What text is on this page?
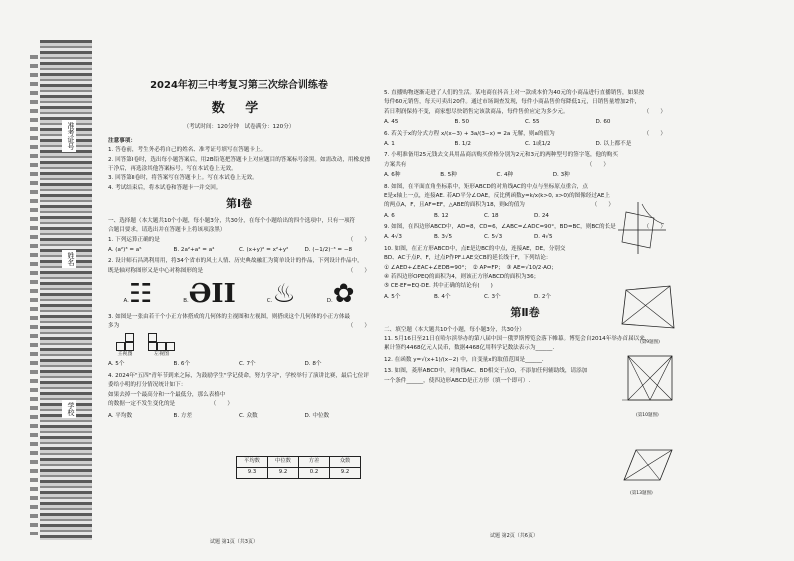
准考证号
姓名
学校
2024年初三中考复习第三次综合训练卷
数 学
（考试时间：120分钟　试卷满分：120分）
注意事项：
1. 答卷前，考生务必将自己的姓名、准考证号填写在答题卡上。
2. 回答第Ⅰ卷时，选出每小题答案后，用2B铅笔把答题卡上对应题目的答案标号涂黑。如需改动，用橡皮擦
干净后，再选涂其他答案标号。写在本试卷上无效。
3. 回答第Ⅱ卷时，将答案写在答题卡上。写在本试卷上无效。
4. 考试结束后，将本试卷和答题卡一并交回。
第Ⅰ卷
一、选择题（本大题共10个小题，每小题3分，共30分，在每个小题给出的四个选项中，只有一项符
合题目要求，请选出并在答题卡上将该项涂黑）
1. 下列运算正确的是	（　　）
A. (a²)³ = a⁵	B. 2a²+a² = a⁴	C. (x+y)² = x²+y²	D. (−1/2)⁻³ = −8
2. 设计师石昌鸿利用用，将34个省市的风土人情、历史典故融汇为简单设计的作品，下列设计作品中，
既是轴对称图形又是中心对称图形的是	（　　）
A.☷	B.ƏII	C.♨	D.✿
3. 如图是一张由若干个小正方体搭成的几何体的主视图和左视图，则搭成这个几何体的小正方体最
多为	（　　）
主视图	左视图
A. 5个	B. 6个	C. 7个	D. 8个
4. 2024年"五四"青年节到来之际，为鼓励学生"学记使命，努力学习"，学校举行了演讲比赛，最后七位评
委给小明的打分情况统计如下：
平均数	中位数	方差	众数
9.3	9.2	0.2	9.2
如果去掉一个最高分和一个最低分，那么表格中
的数据一定不发生变化的是	（　　）
A. 平均数	B. 方差	C. 众数	D. 中位数
试题 第1页（共3页）
5. 直播购物逐渐走进了人们的生活。某电商在抖音上对一款成本价为40元的小商品进行直播销售，如果按
每件60元销售，每天可卖出20件。通过市场调查发现，每件小商品售价每降低1元，日销售量增加2件，
若日利润保持不变，商家想尽快销售完该款商品，每件售价应定为多少元。	（　　）
A. 45	B. 50	C. 55	D. 60
6. 若关于x的分式方程 x/(x−3) + 3a/(3−x) = 2a 无解，则a的值为	（　　）
A. 1	B. 1/2	C. 1或1/2	D. 以上都不是
7. 小明准备用25元钱去文具用品商店购买价格分别为2元和3元的两种型号的签字笔，他的购买
方案共有	（　　）
A. 6种	B. 5种	C. 4种	D. 3种
8. 如图，在平面直角坐标系中，矩形ABCD的对角线AC的中点与坐标原点重合，点
E是x轴上一点，连接AE. 若AD平分∠OAE，反比例函数y=k/x(k>0, x>0)的图像经过AE上
的两点A，F，且AF=EF，△ABE的面积为18，则k的值为	（　　）
A. 6	B. 12	C. 18	D. 24
9. 如图，在四边形ABCD中，AD=8，CD=6，∠ABC=∠ADC=90°，BD=BC，则BC的长是	（　　）
A. 4√3	B. 3√5	C. 5√3	D. 4√5
10. 如图，在正方形ABCD中，点E是边BC的中点，连接AE，DE，分别交
BD、AC于点P、F，过点P作PF⊥AE交CB的延长线于F，下列结论：
① ∠AED+∠EAC+∠EDB=90°；　② AP=FP；　③ AE=√10/2·AO；
④ 若四边形OPEQ的面积为4，则该正方形ABCD的面积为36；
⑤ CE·EF=EQ·DE. 其中正确的结论有(　　)
A. 5个	B. 4个	C. 3个	D. 2个
第Ⅱ卷
二、填空题（本大题共10个小题，每小题3分，共30分）
11. 5月16日至21日在哈尔滨举办的第八届中国－俄罗斯博览会落下帷幕。博览会自2014年举办首届以来，
累计签约4468亿元人民币，数据4468亿用科学记数法表示为______.
12. 在函数 y=√(x+1)/(x−2) 中，自变量x的取值范围是______.
13. 如图，菱形ABCD中，对角线AC、BD相交于点O，不添加任何辅助线，请添加
一个条件______，使四边形ABCD是正方形（填一个即可）.
试题 第2页（共6页）
(第9题图)
(第10题图)
(第13题图)
